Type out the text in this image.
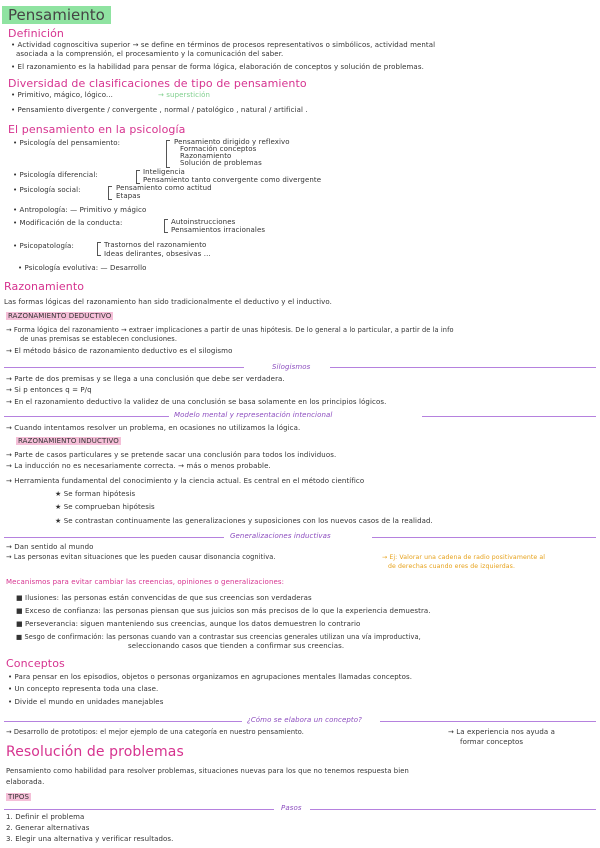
Pensamiento
Definición
• Actividad cognoscitiva superior → se define en términos de procesos representativos o simbólicos, actividad mental
asociada a la comprensión, el procesamiento y la comunicación del saber.
• El razonamiento es la habilidad para pensar de forma lógica, elaboración de conceptos y solución de problemas.
Diversidad de clasificaciones de tipo de pensamiento
• Primitivo, mágico, lógico...	→ superstición
• Pensamiento divergente / convergente , normal / patológico , natural / artificial .
El pensamiento en la psicología
• Psicología del pensamiento:	Pensamiento dirigido y reflexivo
Formación conceptos
Razonamiento
Solución de problemas
• Psicología diferencial:	Inteligencia
Pensamiento tanto convergente como divergente
• Psicología social:	Pensamiento como actitud
Etapas
• Antropología: — Primitivo y mágico
• Modificación de la conducta:	Autoinstrucciones
Pensamientos irracionales
• Psicopatología:	Trastornos del razonamiento
Ideas delirantes, obsesivas ...
• Psicología evolutiva: — Desarrollo
Razonamiento
Las formas lógicas del razonamiento han sido tradicionalmente el deductivo y el inductivo.
RAZONAMIENTO DEDUCTIVO
→ Forma lógica del razonamiento → extraer implicaciones a partir de unas hipótesis. De lo general a lo particular, a partir de la info
de unas premisas se establecen conclusiones.
→ El método básico de razonamiento deductivo es el silogismo
Silogismos
→ Parte de dos premisas y se llega a una conclusión que debe ser verdadera.
→ Si p entonces q = P/q
→ En el razonamiento deductivo la validez de una conclusión se basa solamente en los principios lógicos.
Modelo mental y representación intencional
→ Cuando intentamos resolver un problema, en ocasiones no utilizamos la lógica.
RAZONAMIENTO INDUCTIVO
→ Parte de casos particulares y se pretende sacar una conclusión para todos los individuos.
→ La inducción no es necesariamente correcta. → más o menos probable.
→ Herramienta fundamental del conocimiento y la ciencia actual. Es central en el método científico
★ Se forman hipótesis
★ Se comprueban hipótesis
★ Se contrastan continuamente las generalizaciones y suposiciones con los nuevos casos de la realidad.
Generalizaciones inductivas
→ Dan sentido al mundo
→ Las personas evitan situaciones que les pueden causar disonancia cognitiva.	→ Ej: Valorar una cadena de radio positivamente al
de derechas cuando eres de izquierdas.
Mecanismos para evitar cambiar las creencias, opiniones o generalizaciones:
■ Ilusiones: las personas están convencidas de que sus creencias son verdaderas
■ Exceso de confianza: las personas piensan que sus juicios son más precisos de lo que la experiencia demuestra.
■ Perseverancia: siguen manteniendo sus creencias, aunque los datos demuestren lo contrario
■ Sesgo de confirmación: las personas cuando van a contrastar sus creencias generales utilizan una vía improductiva,
seleccionando casos que tienden a confirmar sus creencias.
Conceptos
• Para pensar en los episodios, objetos o personas organizamos en agrupaciones mentales llamadas conceptos.
• Un concepto representa toda una clase.
• Divide el mundo en unidades manejables
¿Cómo se elabora un concepto?
→ Desarrollo de prototipos: el mejor ejemplo de una categoría en nuestro pensamiento.	→ La experiencia nos ayuda a
formar conceptos
Resolución de problemas
Pensamiento como habilidad para resolver problemas, situaciones nuevas para los que no tenemos respuesta bien
elaborada.
TIPOS
Pasos
1. Definir el problema
2. Generar alternativas
3. Elegir una alternativa y verificar resultados.
